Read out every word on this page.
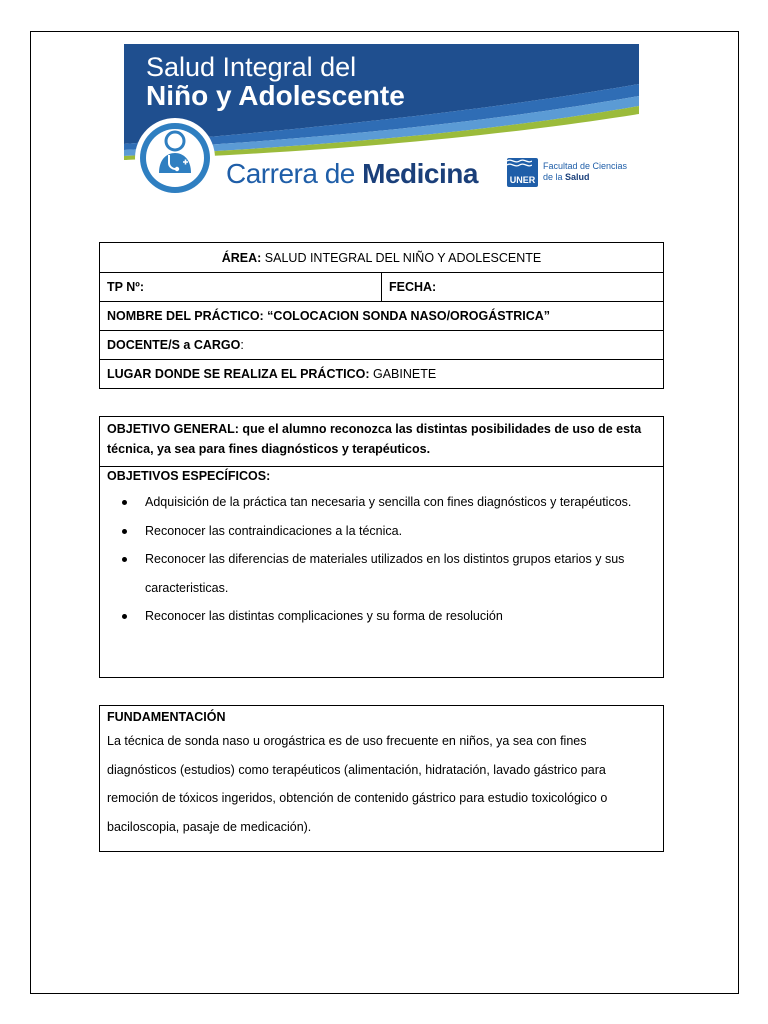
Salud Integral del
Niño y Adolescente
Carrera de Medicina	UNER
Facultad de Ciencias
de la Salud
ÁREA: SALUD INTEGRAL DEL NIÑO Y ADOLESCENTE
TP Nº:	FECHA:
NOMBRE DEL PRÁCTICO: “COLOCACION SONDA NASO/OROGÁSTRICA”
DOCENTE/S a CARGO :
LUGAR DONDE SE REALIZA EL PRÁCTICO: GABINETE
OBJETIVO GENERAL: que el alumno reconozca las distintas posibilidades de uso de esta técnica, ya sea para fines diagnósticos y terapéuticos.
OBJETIVOS ESPECÍFICOS:
Adquisición de la práctica tan necesaria y sencilla con fines diagnósticos y terapéuticos.
Reconocer las contraindicaciones a la técnica.
Reconocer las diferencias de materiales utilizados en los distintos grupos etarios y sus caracteristicas.
Reconocer las distintas complicaciones y su forma de resolución
FUNDAMENTACIÓN
La técnica de sonda naso u orogástrica es de uso frecuente en niños, ya sea con fines diagnósticos (estudios) como terapéuticos (alimentación, hidratación, lavado gástrico para remoción de tóxicos ingeridos, obtención de contenido gástrico para estudio toxicológico o baciloscopia, pasaje de medicación).
